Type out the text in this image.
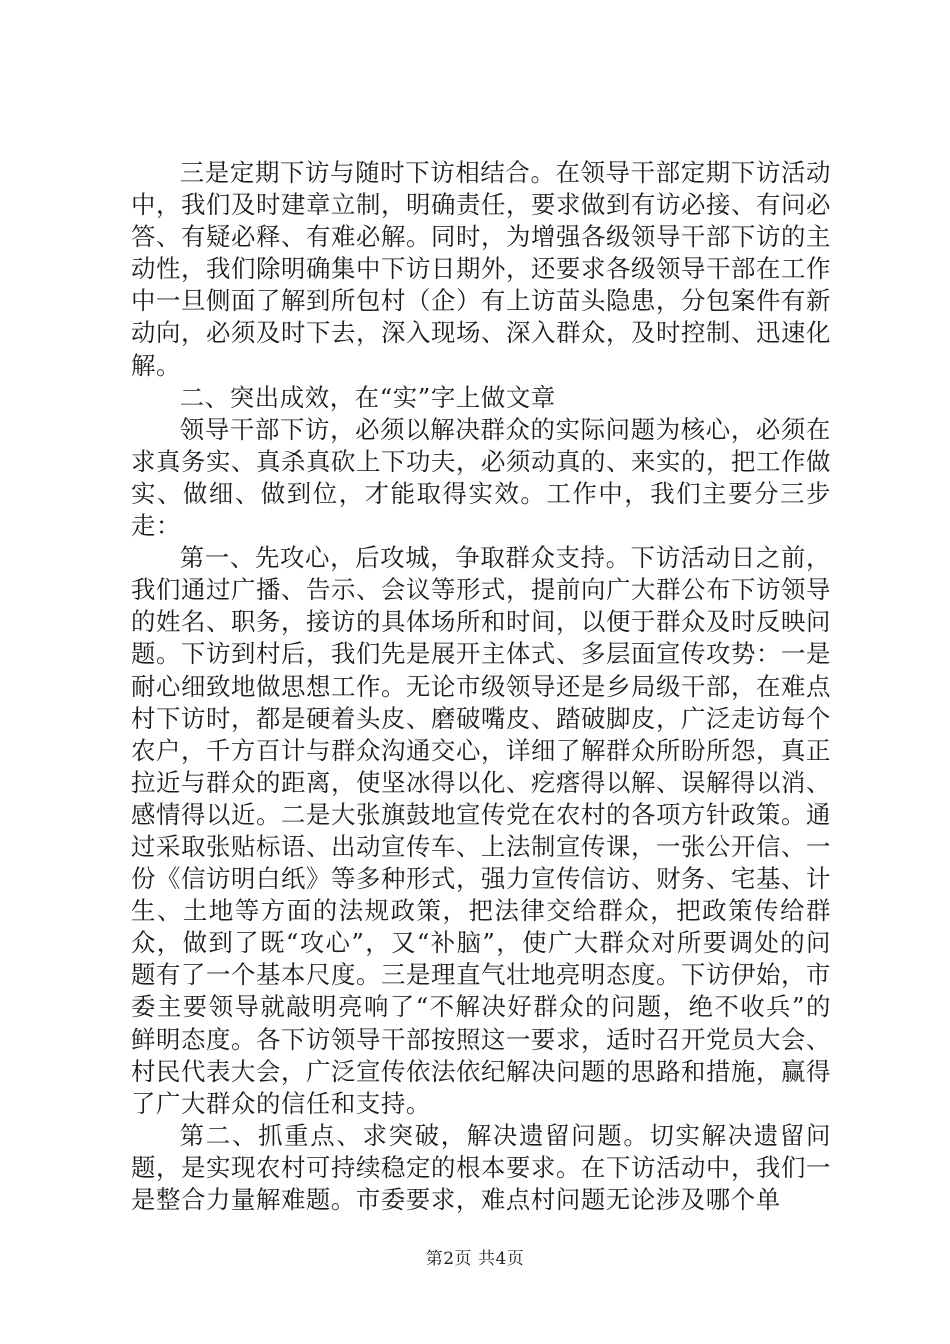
三是定期下访与随时下访相结合。在领导干部定期下访活动中，我们及时建章立制，明确责任，要求做到有访必接、有问必答、有疑必释、有难必解。同时，为增强各级领导干部下访的主动性，我们除明确集中下访日期外，还要求各级领导干部在工作中一旦侧面了解到所包村（企）有上访苗头隐患，分包案件有新动向，必须及时下去，深入现场、深入群众，及时控制、迅速化解。

二、突出成效，在“实”字上做文章

领导干部下访，必须以解决群众的实际问题为核心，必须在求真务实、真杀真砍上下功夫，必须动真的、来实的，把工作做实、做细、做到位，才能取得实效。工作中，我们主要分三步走：

第一、先攻心，后攻城，争取群众支持。下访活动日之前，我们通过广播、告示、会议等形式，提前向广大群公布下访领导的姓名、职务，接访的具体场所和时间，以便于群众及时反映问题。下访到村后，我们先是展开主体式、多层面宣传攻势：一是耐心细致地做思想工作。无论市级领导还是乡局级干部，在难点村下访时，都是硬着头皮、磨破嘴皮、踏破脚皮，广泛走访每个农户，千方百计与群众沟通交心，详细了解群众所盼所怨，真正拉近与群众的距离，使坚冰得以化、疙瘩得以解、误解得以消、感情得以近。二是大张旗鼓地宣传党在农村的各项方针政策。通过采取张贴标语、出动宣传车、上法制宣传课，一张公开信、一份《信访明白纸》等多种形式，强力宣传信访、财务、宅基、计生、土地等方面的法规政策，把法律交给群众，把政策传给群众，做到了既“攻心”，又“补脑”，使广大群众对所要调处的问题有了一个基本尺度。三是理直气壮地亮明态度。下访伊始，市委主要领导就敲明亮响了“不解决好群众的问题，绝不收兵”的鲜明态度。各下访领导干部按照这一要求，适时召开党员大会、村民代表大会，广泛宣传依法依纪解决问题的思路和措施，赢得了广大群众的信任和支持。

第二、抓重点、求突破，解决遗留问题。切实解决遗留问题，是实现农村可持续稳定的根本要求。在下访活动中，我们一是整合力量解难题。市委要求，难点村问题无论涉及哪个单

第2页 共4页
